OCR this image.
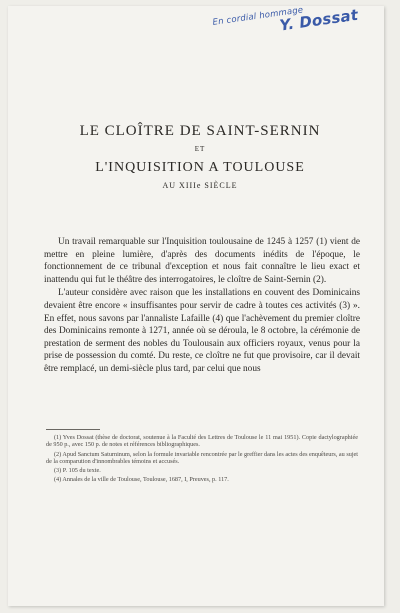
En cordial hommage
Y. Dossat
LE CLOÎTRE DE SAINT-SERNIN
ET
L'INQUISITION A TOULOUSE
AU XIIIe SIÈCLE

Un travail remarquable sur l'Inquisition toulousaine de 1245 à 1257 (1) vient de mettre en pleine lumière, d'après des documents inédits de l'époque, le fonctionnement de ce tribunal d'exception et nous fait connaître le lieu exact et inattendu qui fut le théâtre des interrogatoires, le cloître de Saint-Sernin (2).

L'auteur considère avec raison que les installations en couvent des Dominicains devaient être encore « insuffisantes pour servir de cadre à toutes ces activités (3) ». En effet, nous savons par l'annaliste Lafaille (4) que l'achèvement du premier cloître des Dominicains remonte à 1271, année où se déroula, le 8 octobre, la cérémonie de prestation de serment des nobles du Toulousain aux officiers royaux, venus pour la prise de possession du comté. Du reste, ce cloître ne fut que provisoire, car il devait être remplacé, un demi-siècle plus tard, par celui que nous

(1) Yves Dossat (thèse de doctorat, soutenue à la Faculté des Lettres de Toulouse le 11 mai 1951). Copie dactylographiée de 950 p., avec 150 p. de notes et références bibliographiques.

(2) Apud Sanctum Saturninum, selon la formule invariable rencontrée par le greffier dans les actes des enquêteurs, au sujet de la comparution d'innombrables témoins et accusés.

(3) P. 105 du texte.

(4) Annales de la ville de Toulouse, Toulouse, 1687, I, Preuves, p. 117.
